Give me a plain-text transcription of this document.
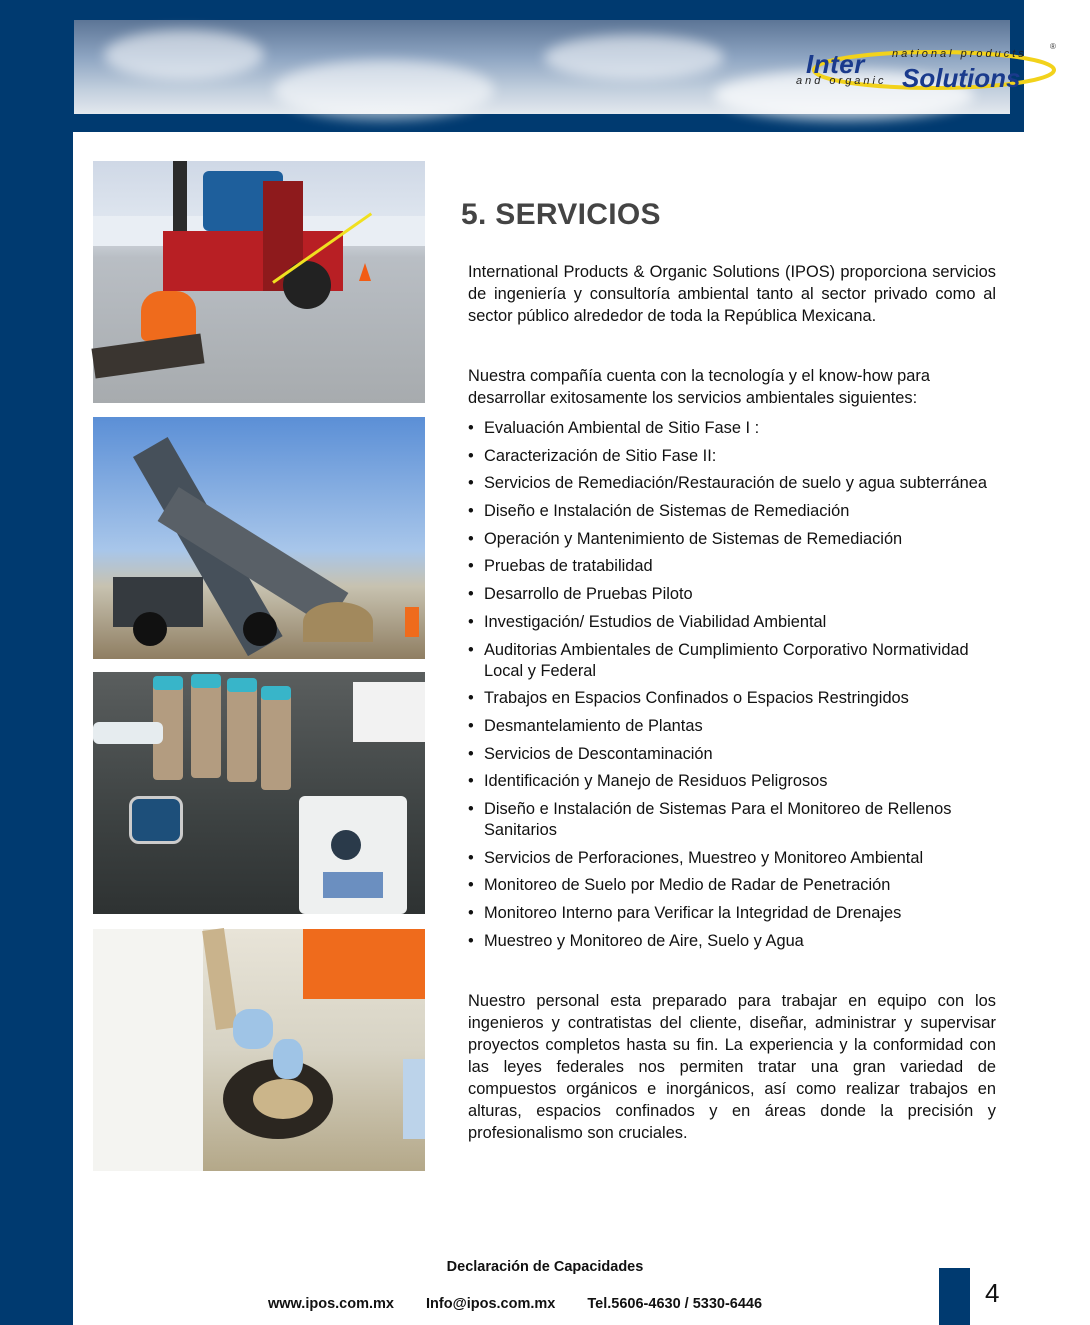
Inter national products
and organic Solutions
®
5. SERVICIOS

International Products & Organic Solutions (IPOS) proporciona servicios de ingeniería y consultoría ambiental tanto al sector privado como al sector público alrededor de toda la República Mexicana.

Nuestra compañía cuenta con la tecnología y el know-how para desarrollar exitosamente los servicios ambientales siguientes:

• Evaluación Ambiental de Sitio Fase I :
• Caracterización de Sitio Fase II:
• Servicios de Remediación/Restauración de suelo y agua subterránea
• Diseño e Instalación de Sistemas de Remediación
• Operación y Mantenimiento de Sistemas de Remediación
• Pruebas de tratabilidad
• Desarrollo de Pruebas Piloto
• Investigación/ Estudios de Viabilidad Ambiental
• Auditorias Ambientales de Cumplimiento Corporativo Normatividad Local y Federal
• Trabajos en Espacios Confinados o Espacios Restringidos
• Desmantelamiento de Plantas
• Servicios de Descontaminación
• Identificación y Manejo de Residuos Peligrosos
• Diseño e Instalación de Sistemas Para el Monitoreo de Rellenos Sanitarios
• Servicios de Perforaciones, Muestreo y Monitoreo Ambiental
• Monitoreo de Suelo por Medio de Radar de Penetración
• Monitoreo Interno para Verificar la Integridad de Drenajes
• Muestreo y Monitoreo de Aire, Suelo y Agua

Nuestro personal esta preparado para trabajar en equipo con los ingenieros y contratistas del cliente, diseñar, administrar y supervisar proyectos completos hasta su fin. La experiencia y la conformidad con las leyes federales nos permiten tratar una gran variedad de compuestos orgánicos e inorgánicos, así como realizar trabajos en alturas, espacios confinados y en áreas donde la precisión y profesionalismo son cruciales.

Declaración de Capacidades
www.ipos.com.mx Info@ipos.com.mx Tel.5606-4630 / 5330-6446	4
